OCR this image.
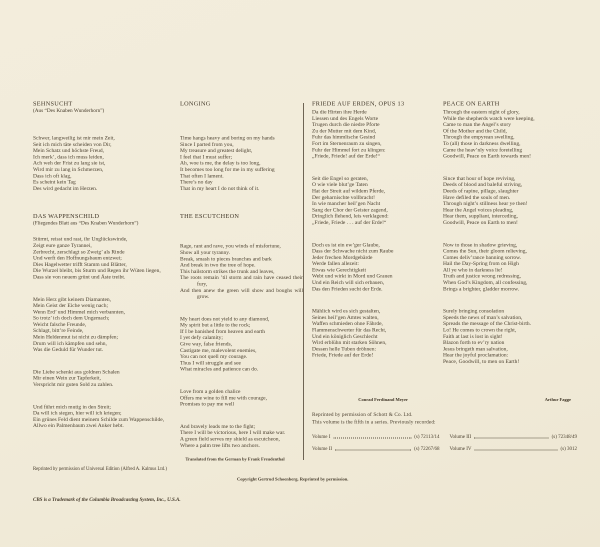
SEHNSUCHT
(Aus “Des Knaben Wunderhorn”)
Schwer, langweilig ist mir mein Zeit,
Seit ich mich täte scheiden von Dir,
Mein Schatz und höchste Freud,
Ich merk’, dass ich muss leiden,
Ach weh der Frist zu lang sie ist,
Wird mir zu lang in Schmerzen,
Dass ich oft klag,
Es scheint kein Tag
Des wird gedacht im Herzen.
DAS WAPPENSCHILD
(Fliegendes Blatt aus “Des Knaben Wunderhorn”)
Stürmt, reisst und rast, ihr Unglückswinde,
Zeigt eure ganze Tyrannei,
Zerbrecht, zerschlagt so Zweig’ als Rinde
Und werft den Hoffnungsbaum entzwei;
Dies Hagelwetter trifft Stamm und Blätter,
Die Wurzel bleibt, bis Sturm und Regen ihr Wüten liegen,
Dass sie von neuem grünt und Äste treibt.
Mein Herz gibt keinem Diamanten,
Mein Geist der Eiche wenig nach;
Wenn Erd’ und Himmel mich verbannten,
So trotz’ ich doch dem Ungemach;
Weicht falsche Freunde,
Schlagt, bitt’re Feinde,
Mein Heldenmut ist nicht zu dämpfen;
Drum will ich kämpfen und sehn,
Was die Geduld für Wunder tut.
Die Liebe schenkt aus goldnen Schalen
Mir einen Wein zur Tapferkeit,
Verspricht mir guten Sold zu zahlen.
Und führt mich mutig in den Streit;
Da will ich siegen, hier will ich kriegen;
Ein grünes Feld dient meinem Schilde zum Wappenschilde,
Allwo ein Palmenbaum zwei Anker hebt.
LONGING
Time hangs heavy and boring on my hands
Since I parted from you,
My treasure and greatest delight,
I feel that I must suffer;
Ah, woe is me, the delay is too long,
It becomes too long for me in my suffering
That often I lament.
There’s no day
That in my heart I do not think of it.
THE ESCUTCHEON
Rage, rant and rave, you winds of misfortune,
Show all your tyranny.
Break, smash to pieces branches and bark
And break in two the tree of hope.
This hailstorm strikes the trunk and leaves,
The roots remain ’til storm and rain have ceased their fury,
And then anew the green will show and boughs will grow.
My heart does not yield to any diamond,
My spirit but a little to the rock;
If I be banished from heaven and earth
I yet defy calamity;
Give way, false friends,
Castigate me, malevolent enemies,
You can not quell my courage.
Thus I will struggle and see
What miracles and patience can do.
Love from a golden chalice
Offers me wine to fill me with courage,
Promises to pay me well
And bravely leads me to the fight;
There I will be victorious, here I will make war.
A green field serves my shield as escutcheon,
Where a palm tree lifts two anchors.
FRIEDE AUF ERDEN, OPUS 13
Da die Hirten ihre Herde
Liessen und des Engels Worte
Trugen durch die niedre Pforte
Zu der Mutter mit dem Kind,
Fuhr das himmlische Gesind
Fort im Sternenraum zu singen,
Fuhr der Himmel fort zu klingen:
„Friede, Friede! auf der Erde!“
Seit die Engel so geraten,
O wie viele blut’ge Taten
Hat der Streit auf wildem Pferde,
Der geharnischte vollbracht!
In wie mancher heil’gen Nacht
Sang der Chor der Geister zagend,
Dringlich flehend, leis verklagend:
„Friede, Friede . . . auf der Erde!“
Doch es ist ein ew’ger Glaube,
Dass der Schwache nicht zum Raube
Jeder frechen Mordgebärde
Werde fallen allezeit:
Etwas wie Gerechtigkeit
Webt und wirkt in Mord und Grauen
Und ein Reich will sich erbauen,
Das den Frieden sucht der Erde.
Mählich wird es sich gestalten,
Seines heil’gen Amtes walten,
Waffen schmieden ohne Fährde,
Flammenschwerter für das Recht,
Und ein königlich Geschlecht
Wird erblühn mit starken Söhnen,
Dessen helle Tuben dröhnen:
Friede, Friede auf der Erde!
PEACE ON EARTH
Through the eastern night of glory,
While the shepherds watch were keeping,
Came to man the Angel’s story
Of the Mother and the Child,
Through the empyrean swelling,
To (all) those in darkness dwelling,
Came the heav’nly voice foretelling
Goodwill, Peace on Earth towards men!
Since that hour of hope reviving,
Deeds of blood and baleful striving,
Deeds of rapine, pillage, slaughter
Have defiled the souls of men.
Through night’s stillness hear ye then!
Hear the Angel voices pleading,
Hear them, suppliant, interceding,
Goodwill, Peace on Earth to men!
Now to those in shadow grieving,
Comes the Sun, their gloom relieving,
Comes deliv’rance banning sorrow.
Hail the Day-Spring from on High
All ye who in darkness lie!
Truth and justice wrong redressing,
When God’s Kingdom, all confessing,
Brings a brighter, gladder morrow.
Surely bringing consolation
Speeds the news of man’s salvation,
Spreads the message of the Christ-birth.
Lo! He comes to crown the right,
Faith at last is lost in sight!
Blazon forth to ev’ry nation
Jesus bringeth man salvation,
Hear the joyful proclamation:
Peace, Goodwill, to men on Earth!
Conrad Ferdinand Meyer	Arthur Fagge
Reprinted by permission of Schott & Co. Ltd.
This volume is the fifth in a series. Previously recorded:
Volume I	(s) 72113/14
Volume II	(s) 72267/68
Volume III	(s) 72348/49
Volume IV	(s) 3012
Translated from the German by Frank Freudenthal
Reprinted by permission of Universal Edition (Alfred A. Kalmus Ltd.)
Copyright Gertrud Schoenberg. Reprinted by permission.
CBS is a Trademark of the Columbia Broadcasting System, Inc., U.S.A.
